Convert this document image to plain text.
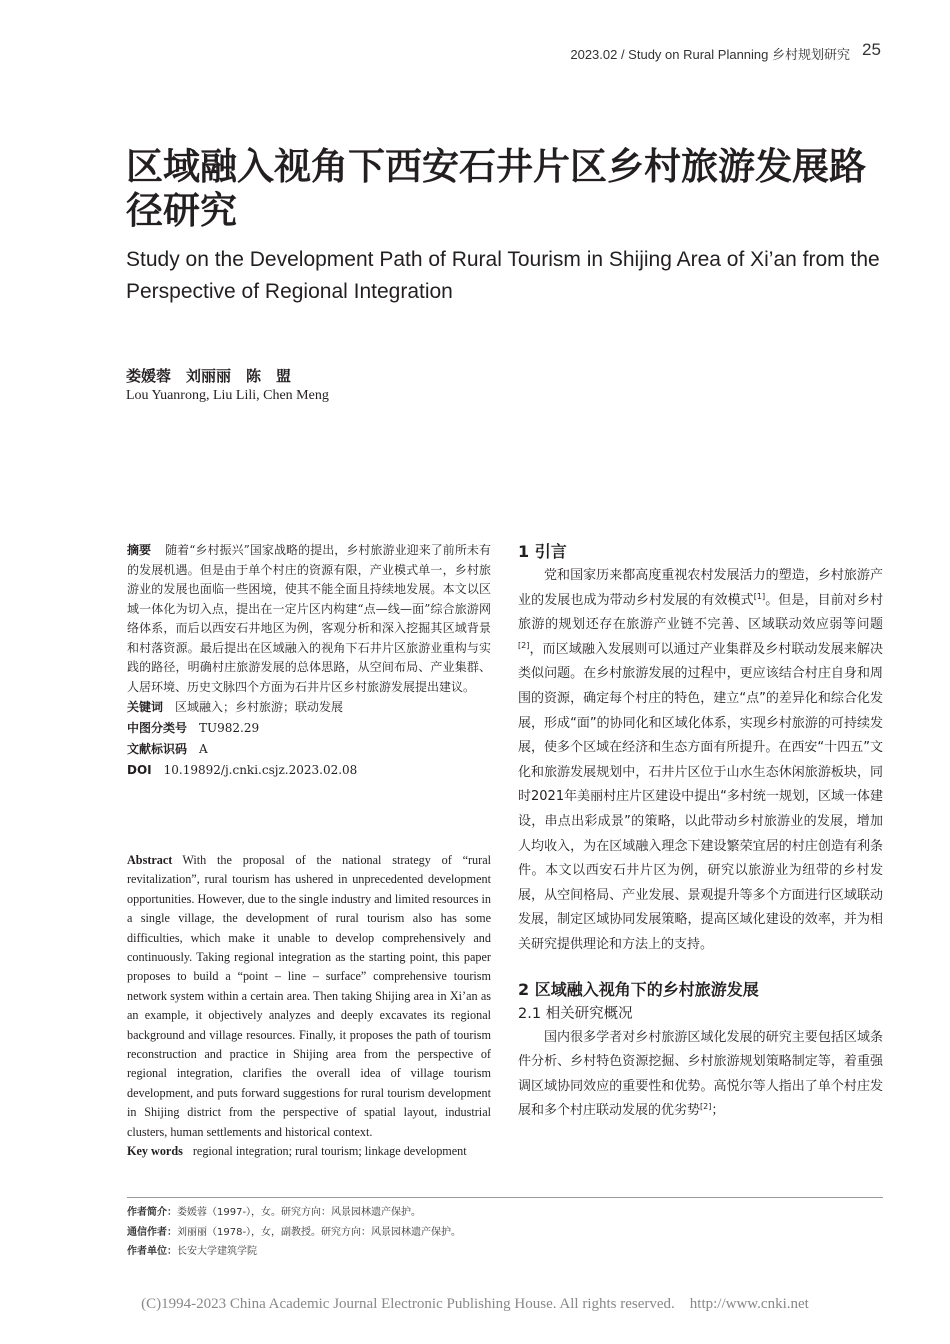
2023.02 / Study on Rural Planning 乡村规划研究 25
区域融入视角下西安石井片区乡村旅游发展路径研究
Study on the Development Path of Rural Tourism in Shijing Area of Xi’an from the Perspective of Regional Integration
娄媛蓉　刘丽丽　陈　盟
Lou Yuanrong, Liu Lili, Chen Meng
摘要 随着“乡村振兴”国家战略的提出，乡村旅游业迎来了前所未有的发展机遇。但是由于单个村庄的资源有限，产业模式单一，乡村旅游业的发展也面临一些困境，使其不能全面且持续地发展。本文以区域一体化为切入点，提出在一定片区内构建“点—线—面”综合旅游网络体系，而后以西安石井地区为例，客观分析和深入挖掘其区域背景和村落资源。最后提出在区域融入的视角下石井片区旅游业重构与实践的路径，明确村庄旅游发展的总体思路，从空间布局、产业集群、人居环境、历史文脉四个方面为石井片区乡村旅游发展提出建议。
关键词 区域融入；乡村旅游；联动发展
中图分类号 TU982.29
文献标识码 A
DOI 10.19892/j.cnki.csjz.2023.02.08
Abstract With the proposal of the national strategy of “rural revitalization”, rural tourism has ushered in unprecedented development opportunities. However, due to the single industry and limited resources in a single village, the development of rural tourism also has some difficulties, which make it unable to develop comprehensively and continuously. Taking regional integration as the starting point, this paper proposes to build a “point – line – surface” comprehensive tourism network system within a certain area. Then taking Shijing area in Xi’an as an example, it objectively analyzes and deeply excavates its regional background and village resources. Finally, it proposes the path of tourism reconstruction and practice in Shijing area from the perspective of regional integration, clarifies the overall idea of village tourism development, and puts forward suggestions for rural tourism development in Shijing district from the perspective of spatial layout, industrial clusters, human settlements and historical context.
Key words regional integration; rural tourism; linkage development

1 引言

党和国家历来都高度重视农村发展活力的塑造，乡村旅游产业的发展也成为带动乡村发展的有效模式[1]。但是，目前对乡村旅游的规划还存在旅游产业链不完善、区域联动效应弱等问题[2]，而区域融入发展则可以通过产业集群及乡村联动发展来解决类似问题。在乡村旅游发展的过程中，更应该结合村庄自身和周围的资源，确定每个村庄的特色，建立“点”的差异化和综合化发展，形成“面”的协同化和区域化体系，实现乡村旅游的可持续发展，使多个区域在经济和生态方面有所提升。在西安“十四五”文化和旅游发展规划中，石井片区位于山水生态休闲旅游板块，同时2021年美丽村庄片区建设中提出“多村统一规划，区域一体建设，串点出彩成景”的策略，以此带动乡村旅游业的发展，增加人均收入，为在区域融入理念下建设繁荣宜居的村庄创造有利条件。本文以西安石井片区为例，研究以旅游业为纽带的乡村发展，从空间格局、产业发展、景观提升等多个方面进行区域联动发展，制定区域协同发展策略，提高区域化建设的效率，并为相关研究提供理论和方法上的支持。

2 区域融入视角下的乡村旅游发展

2.1 相关研究概况

国内很多学者对乡村旅游区域化发展的研究主要包括区域条件分析、乡村特色资源挖掘、乡村旅游规划策略制定等，着重强调区域协同效应的重要性和优势。高悦尔等人指出了单个村庄发展和多个村庄联动发展的优劣势[2]；

作者简介：娄媛蓉（1997-），女。研究方向：风景园林遗产保护。
通信作者：刘丽丽（1978-），女，副教授。研究方向：风景园林遗产保护。
作者单位：长安大学建筑学院
(C)1994-2023 China Academic Journal Electronic Publishing House. All rights reserved.    http://www.cnki.net
